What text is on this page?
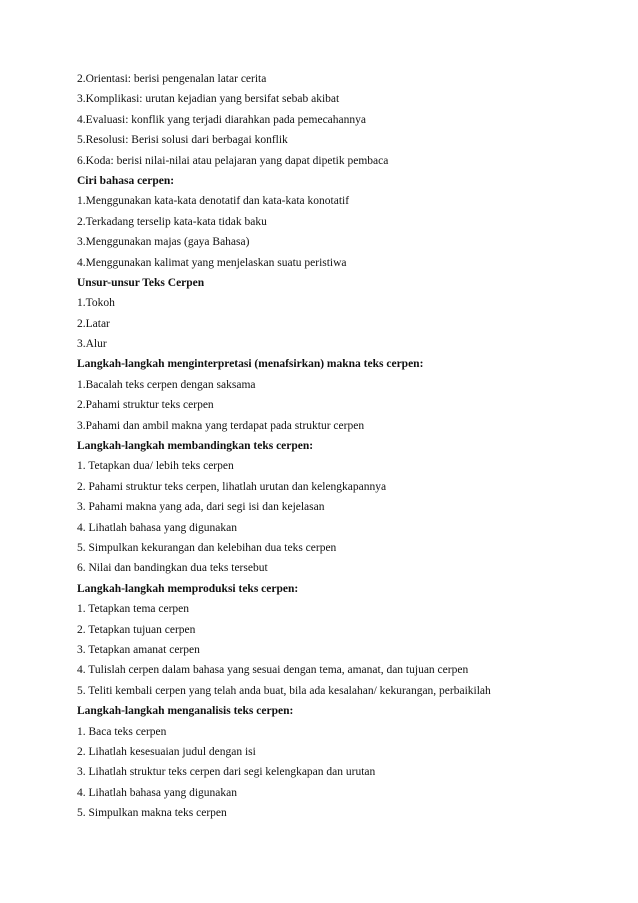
2.Orientasi: berisi pengenalan latar cerita
3.Komplikasi: urutan kejadian yang bersifat sebab akibat
4.Evaluasi: konflik yang terjadi diarahkan pada pemecahannya
5.Resolusi: Berisi solusi dari berbagai konflik
6.Koda: berisi nilai-nilai atau pelajaran yang dapat dipetik pembaca
Ciri bahasa cerpen:
1.Menggunakan kata-kata denotatif dan kata-kata konotatif
2.Terkadang terselip kata-kata tidak baku
3.Menggunakan majas (gaya Bahasa)
4.Menggunakan kalimat yang menjelaskan suatu peristiwa
Unsur-unsur Teks Cerpen
1.Tokoh
2.Latar
3.Alur
Langkah-langkah menginterpretasi (menafsirkan) makna teks cerpen:
1.Bacalah teks cerpen dengan saksama
2.Pahami struktur teks cerpen
3.Pahami dan ambil makna yang terdapat pada struktur cerpen
Langkah-langkah membandingkan teks cerpen:
1. Tetapkan dua/ lebih teks cerpen
2. Pahami struktur teks cerpen, lihatlah urutan dan kelengkapannya
3. Pahami makna yang ada, dari segi isi dan kejelasan
4. Lihatlah bahasa yang digunakan
5. Simpulkan kekurangan dan kelebihan dua teks cerpen
6. Nilai dan bandingkan dua teks tersebut
Langkah-langkah memproduksi teks cerpen:
1. Tetapkan tema cerpen
2. Tetapkan tujuan cerpen
3. Tetapkan amanat cerpen
4. Tulislah cerpen dalam bahasa yang sesuai dengan tema, amanat, dan tujuan cerpen
5. Teliti kembali cerpen yang telah anda buat, bila ada kesalahan/ kekurangan, perbaikilah
Langkah-langkah menganalisis teks cerpen:
1. Baca teks cerpen
2. Lihatlah kesesuaian judul dengan isi
3. Lihatlah struktur teks cerpen dari segi kelengkapan dan urutan
4. Lihatlah bahasa yang digunakan
5. Simpulkan makna teks cerpen
